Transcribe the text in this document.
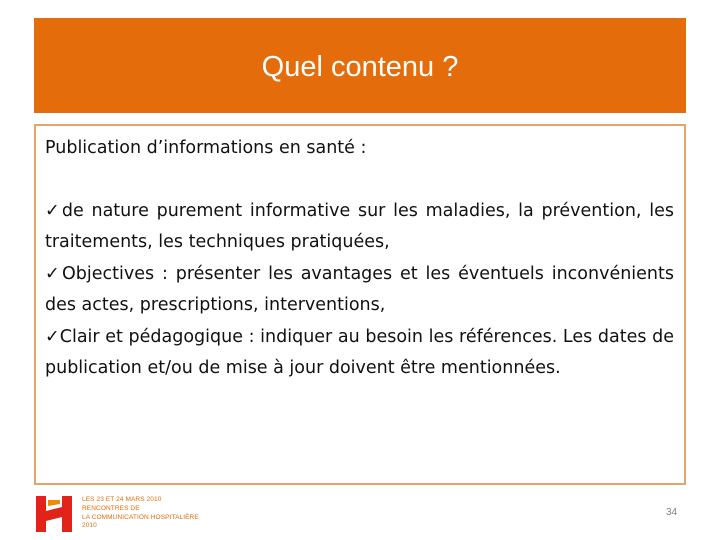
Quel contenu ?

Publication d’informations en santé :

✓de nature purement informative sur les maladies, la prévention, les traitements, les techniques pratiquées,

✓Objectives : présenter les avantages et les éventuels inconvénients des actes, prescriptions, interventions,

✓Clair et pédagogique : indiquer au besoin les références. Les dates de publication et/ou de mise à jour doivent être mentionnées.

LES 23 ET 24 MARS 2010
RENCONTRES DE
LA COMMUNICATION HOSPITALIÈRE
2010
34
